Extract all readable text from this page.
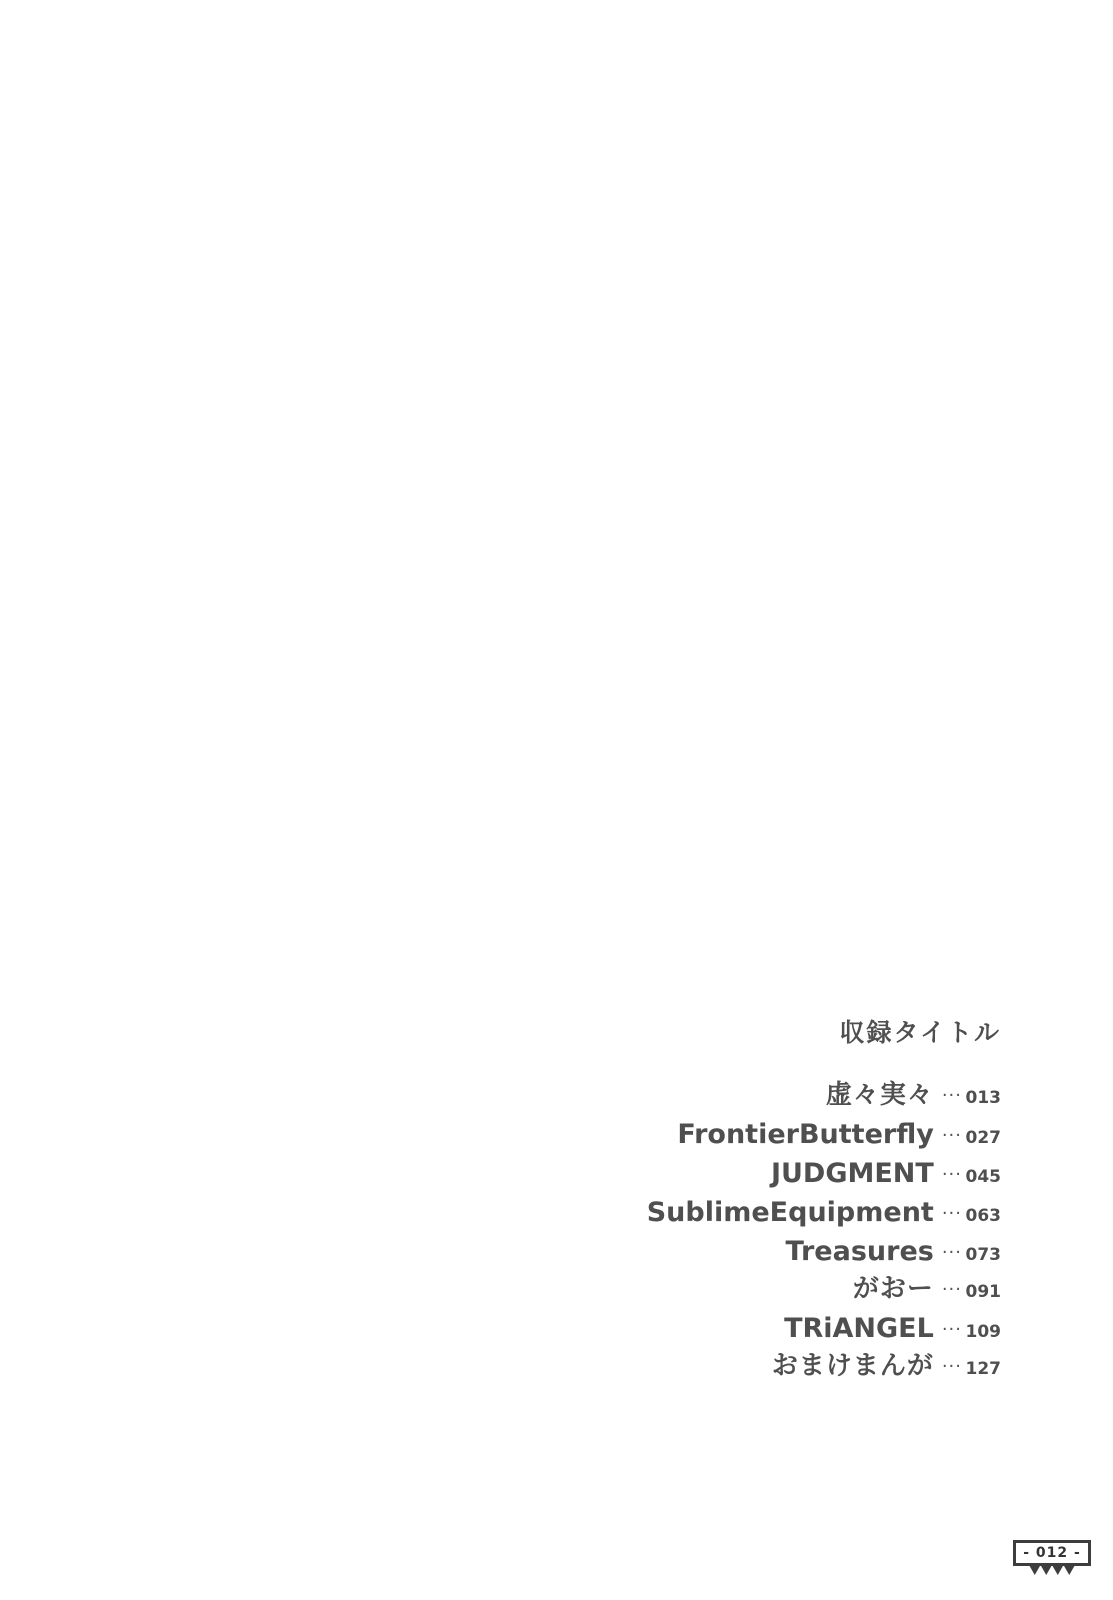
収録タイトル
虚々実々 ··· 013
FrontierButterfly ··· 027
JUDGMENT ··· 045
SublimeEquipment ··· 063
Treasures ··· 073
がおー ··· 091
TRiANGEL ··· 109
おまけまんが ··· 127
- 012 -
